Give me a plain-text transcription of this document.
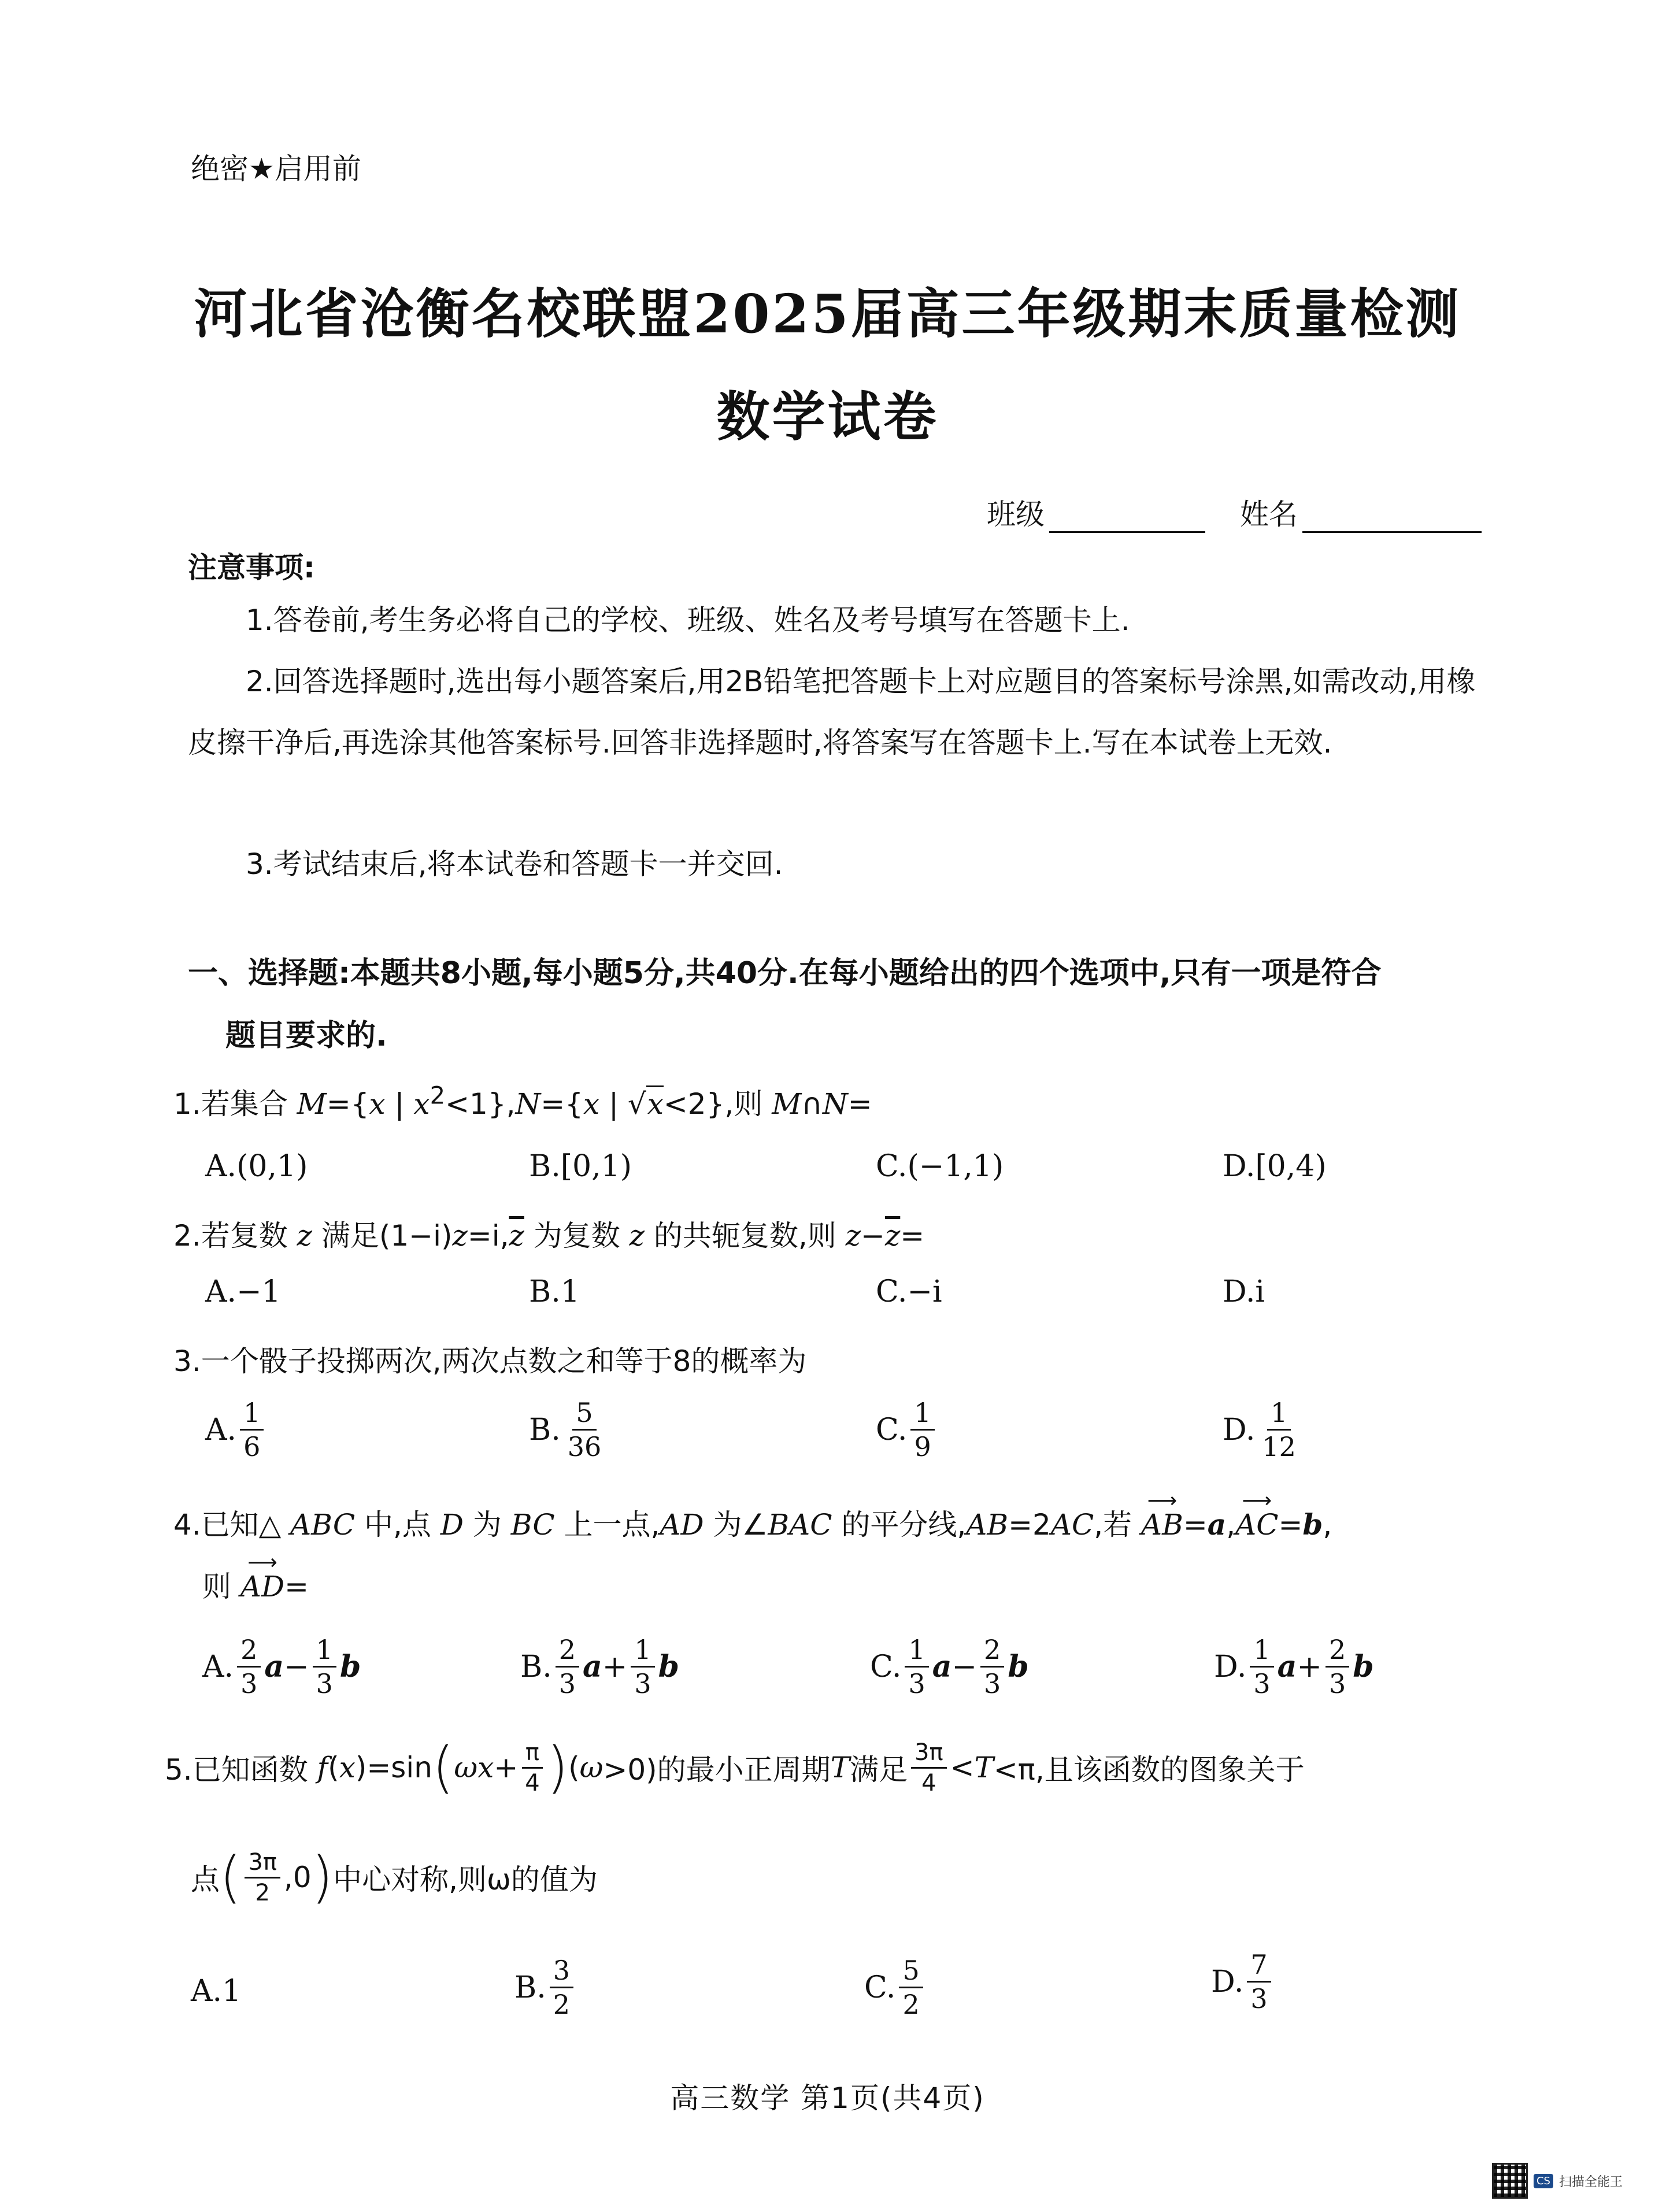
绝密★启用前
河北省沧衡名校联盟2025届高三年级期末质量检测
数学试卷
班级	姓名
注意事项:
1.答卷前,考生务必将自己的学校、班级、姓名及考号填写在答题卡上.
2.回答选择题时,选出每小题答案后,用2B铅笔把答题卡上对应题目的答案标号涂黑,如需改动,用橡皮擦干净后,再选涂其他答案标号.回答非选择题时,将答案写在答题卡上.写在本试卷上无效.
3.考试结束后,将本试卷和答题卡一并交回.
一、选择题:本题共8小题,每小题5分,共40分.在每小题给出的四个选项中,只有一项是符合
题目要求的.
1.若集合 M={x | $x^2<1\},N=\{x$ | √x<2},则 M∩N=
A.(0,1)	B.[0,1)	C.(−1,1)	D.[0,4)
2.若复数 z 满足$(1-i)z=i,\overline{z}$ 为复数 z 的共轭复数,则 $z-\overline{z}=$
A.−1	B.1	C.−i	D.i
3.一个骰子投掷两次,两次点数之和等于8的概率为
A. $\frac{1}{6}$	B. $\frac{5}{36}$	C. $\frac{1}{9}$	D. $\frac{1}{12}$
4.已知△ ABC 中,点 D 为 BC 上一点,AD 为∠BAC 的平分线,AB=2AC,若 ⟶ AB=a,⟶ AC=b,
则 ⟶ AD=
A. $\frac{2}{3}$ $a - \frac{1}{3}$ b	B. $\frac{2}{3}$ $a + \frac{1}{3}$ b	C. $\frac{1}{3}$ $a - \frac{2}{3}$ b	D. $\frac{1}{3}$ $a + \frac{2}{3}$ b
5.已知函数
f ( x )=sin ( $\omega x + \frac{\pi}{4}$ ) ( ω >0)的最小正周期 T 满足 $\frac{3\pi}{4} < T <\pi$,且该函数的图象关于
点 ( $\frac{3\pi}{2} ,0$ ) 中心对称,则ω的值为
A.1	B. $\frac{3}{2}$	C. $\frac{5}{2}$	D. $\frac{7}{3}$
高三数学 第1页(共4页)
CS 扫描全能王
